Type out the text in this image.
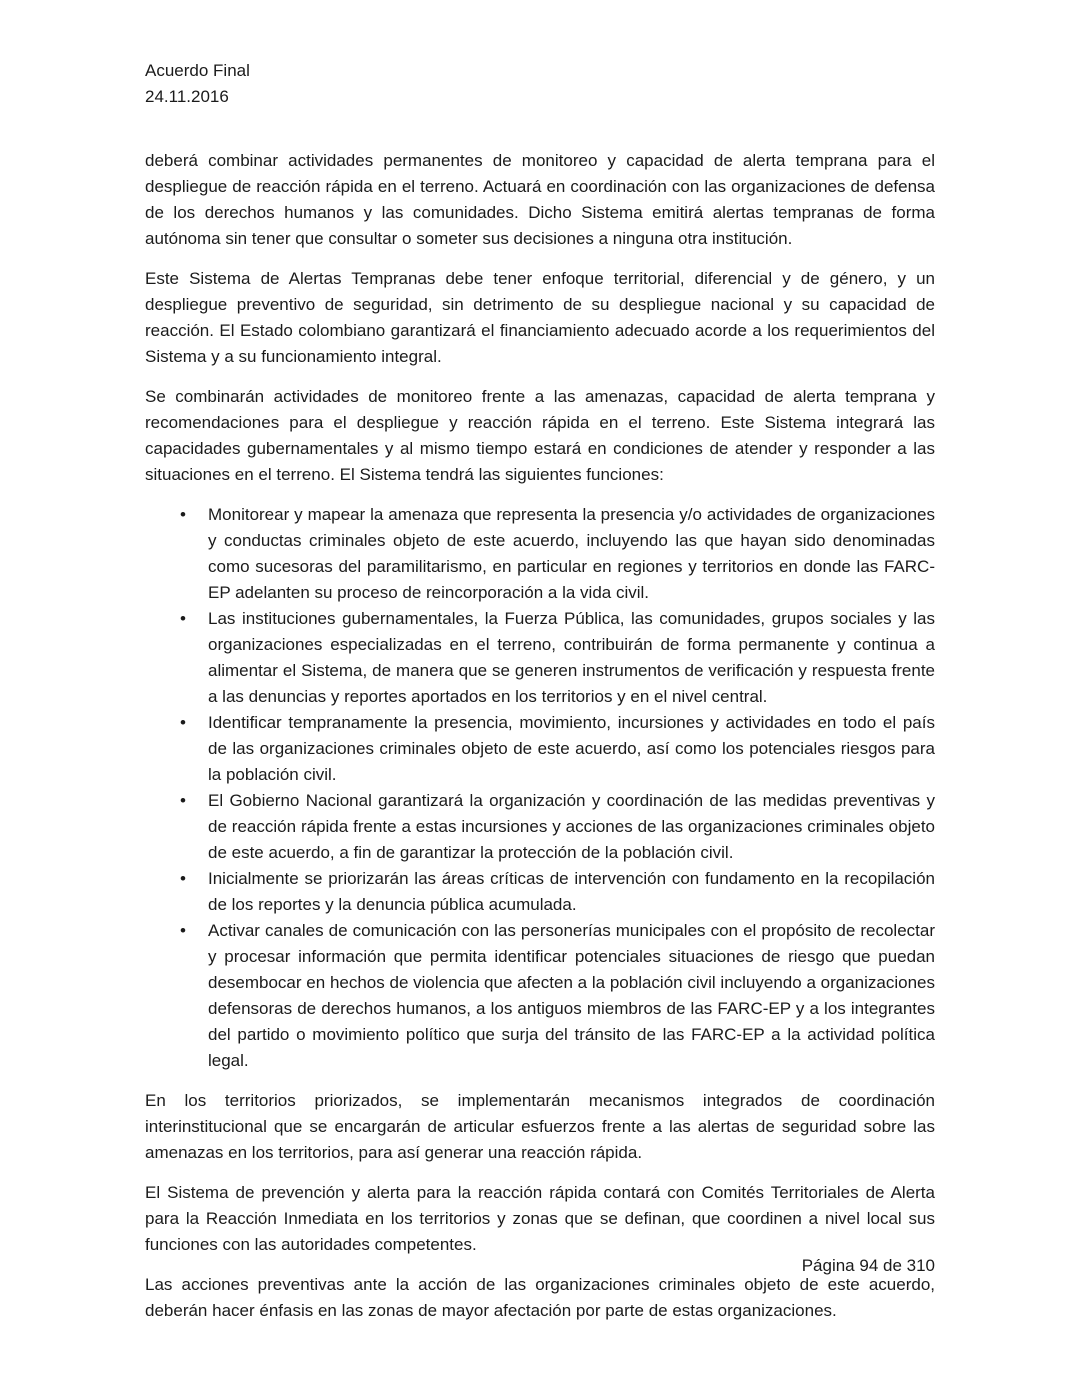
Acuerdo Final
24.11.2016

deberá combinar actividades permanentes de monitoreo y capacidad de alerta temprana para el despliegue de reacción rápida en el terreno. Actuará en coordinación con las organizaciones de defensa de los derechos humanos y las comunidades. Dicho Sistema emitirá alertas tempranas de forma autónoma sin tener que consultar o someter sus decisiones a ninguna otra institución.

Este Sistema de Alertas Tempranas debe tener enfoque territorial, diferencial y de género, y un despliegue preventivo de seguridad, sin detrimento de su despliegue nacional y su capacidad de reacción. El Estado colombiano garantizará el financiamiento adecuado acorde a los requerimientos del Sistema y a su funcionamiento integral.

Se combinarán actividades de monitoreo frente a las amenazas, capacidad de alerta temprana y recomendaciones para el despliegue y reacción rápida en el terreno. Este Sistema integrará las capacidades gubernamentales y al mismo tiempo estará en condiciones de atender y responder a las situaciones en el terreno. El Sistema tendrá las siguientes funciones:

• Monitorear y mapear la amenaza que representa la presencia y/o actividades de organizaciones y conductas criminales objeto de este acuerdo, incluyendo las que hayan sido denominadas como sucesoras del paramilitarismo, en particular en regiones y territorios en donde las FARC-EP adelanten su proceso de reincorporación a la vida civil.
• Las instituciones gubernamentales, la Fuerza Pública, las comunidades, grupos sociales y las organizaciones especializadas en el terreno, contribuirán de forma permanente y continua a alimentar el Sistema, de manera que se generen instrumentos de verificación y respuesta frente a las denuncias y reportes aportados en los territorios y en el nivel central.
• Identificar tempranamente la presencia, movimiento, incursiones y actividades en todo el país de las organizaciones criminales objeto de este acuerdo, así como los potenciales riesgos para la población civil.
• El Gobierno Nacional garantizará la organización y coordinación de las medidas preventivas y de reacción rápida frente a estas incursiones y acciones de las organizaciones criminales objeto de este acuerdo, a fin de garantizar la protección de la población civil.
• Inicialmente se priorizarán las áreas críticas de intervención con fundamento en la recopilación de los reportes y la denuncia pública acumulada.
• Activar canales de comunicación con las personerías municipales con el propósito de recolectar y procesar información que permita identificar potenciales situaciones de riesgo que puedan desembocar en hechos de violencia que afecten a la población civil incluyendo a organizaciones defensoras de derechos humanos, a los antiguos miembros de las FARC-EP y a los integrantes del partido o movimiento político que surja del tránsito de las FARC-EP a la actividad política legal.

En los territorios priorizados, se implementarán mecanismos integrados de coordinación interinstitucional que se encargarán de articular esfuerzos frente a las alertas de seguridad sobre las amenazas en los territorios, para así generar una reacción rápida.

El Sistema de prevención y alerta para la reacción rápida contará con Comités Territoriales de Alerta para la Reacción Inmediata en los territorios y zonas que se definan, que coordinen a nivel local sus funciones con las autoridades competentes.

Las acciones preventivas ante la acción de las organizaciones criminales objeto de este acuerdo, deberán hacer énfasis en las zonas de mayor afectación por parte de estas organizaciones.

Página 94 de 310
